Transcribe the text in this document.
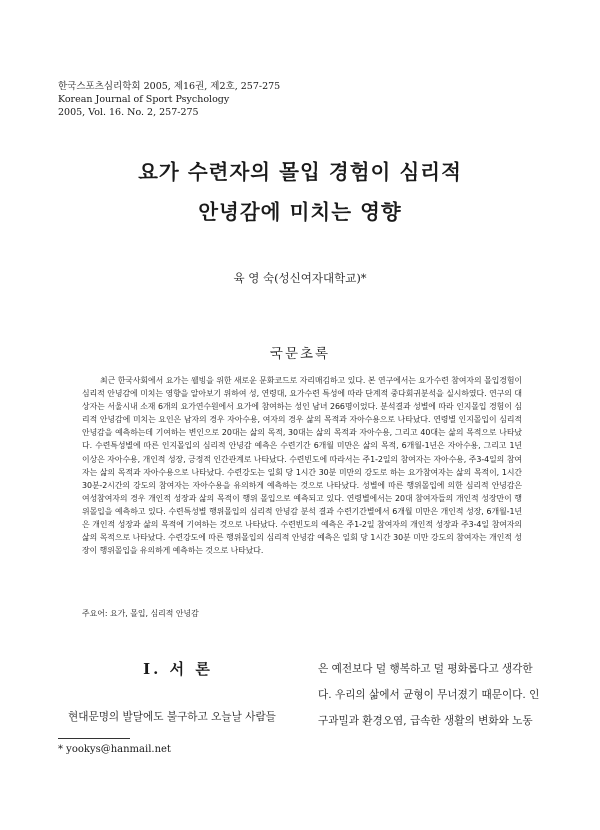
한국스포츠심리학회 2005, 제16권, 제2호, 257-275
Korean Journal of Sport Psychology
2005, Vol. 16. No. 2, 257-275
요가 수련자의 몰입 경험이 심리적
안녕감에 미치는 영향
육 영 숙(성신여자대학교)*
국문초록

최근 한국사회에서 요가는 웰빙을 위한 새로운 문화코드로 자리매김하고 있다. 본 연구에서는 요가수련 참여자의 몰입경험이 심리적 안녕감에 미치는 영향을 알아보기 위하여 성, 연령대, 요가수련 특성에 따라 단계적 중다회귀분석을 실시하였다. 연구의 대상자는 서울시내 소재 6개의 요가연수원에서 요가에 참여하는 성인 남녀 266명이었다. 분석결과 성별에 따라 인지몰입 경험이 심리적 안녕감에 미치는 요인은 남자의 경우 자아수용, 여자의 경우 삶의 목적과 자아수용으로 나타났다. 연령별 인지몰입이 심리적 안녕감을 예측하는데 기여하는 변인으로 20대는 삶의 목적, 30대는 삶의 목적과 자아수용, 그리고 40대는 삶의 목적으로 나타났다. 수련특성별에 따른 인지몰입의 심리적 안녕감 예측은 수련기간 6개월 미만은 삶의 목적, 6개월-1년은 자아수용, 그리고 1년 이상은 자아수용, 개인적 성장, 긍정적 인간관계로 나타났다. 수련빈도에 따라서는 주1-2일의 참여자는 자아수용, 주3-4일의 참여자는 삶의 목적과 자아수용으로 나타났다. 수련강도는 일회 당 1시간 30분 미만의 강도로 하는 요가참여자는 삶의 목적이, 1시간30분-2시간의 강도의 참여자는 자아수용을 유의하게 예측하는 것으로 나타났다. 성별에 따른 행위몰입에 의한 심리적 안녕감은 여성참여자의 경우 개인적 성장과 삶의 목적이 행위 몰입으로 예측되고 있다. 연령별에서는 20대 참여자들의 개인적 성장만이 행위몰입을 예측하고 있다. 수련특성별 행위몰입의 심리적 안녕감 분석 결과 수련기간별에서 6개월 미만은 개인적 성장, 6개월-1년은 개인적 성장과 삶의 목적에 기여하는 것으로 나타났다. 수련빈도의 예측은 주1-2일 참여자의 개인적 성장과 주3-4일 참여자의 삶의 목적으로 나타났다. 수련강도에 따른 행위몰입의 심리적 안녕감 예측은 일회 당 1시간 30분 미만 강도의 참여자는 개인적 성장이 행위몰입을 유의하게 예측하는 것으로 나타났다.

주요어: 요가, 몰입, 심리적 안녕감
I. 서 론
현대문명의 발달에도 불구하고 오늘날 사람들
은 예전보다 덜 행복하고 덜 평화롭다고 생각한
다. 우리의 삶에서 균형이 무너졌기 때문이다. 인
구과밀과 환경오염, 급속한 생활의 변화와 노동
* yookys@hanmail.net
